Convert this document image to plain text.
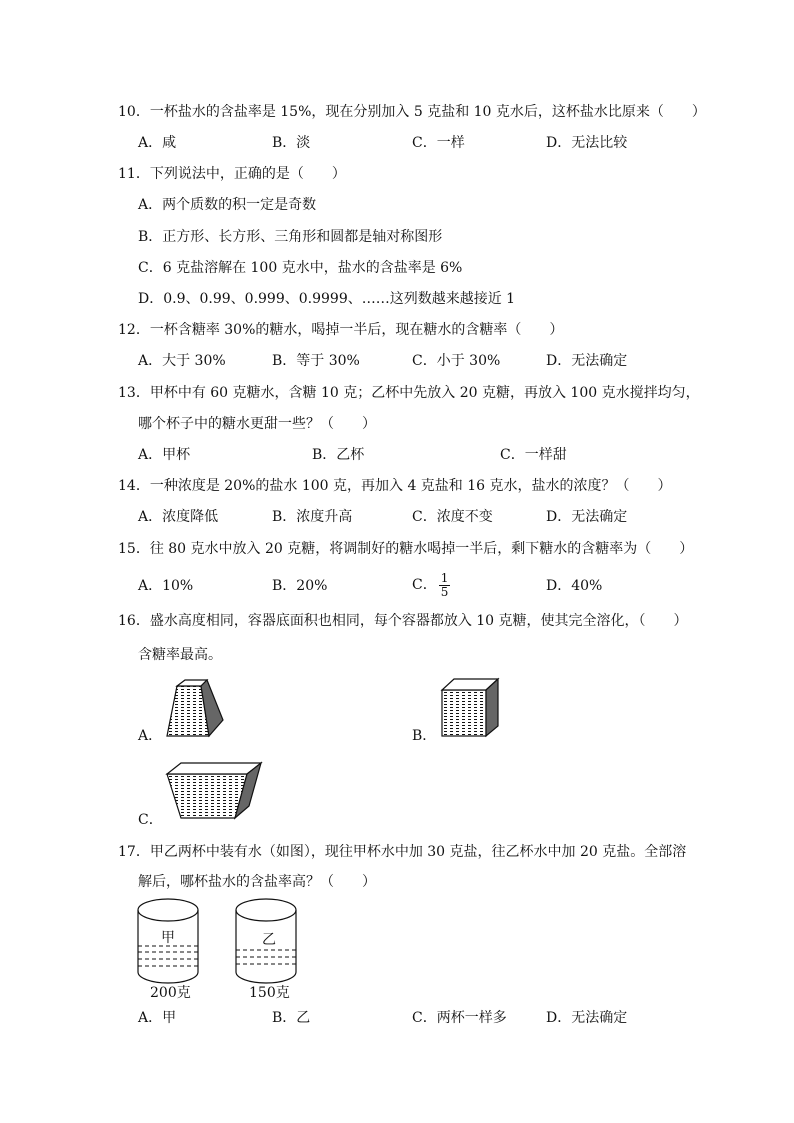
10．一杯盐水的含盐率是 15%，现在分别加入 5 克盐和 10 克水后，这杯盐水比原来（　　）
A．咸	B．淡	C．一样	D．无法比较
11．下列说法中，正确的是（　　）
A．两个质数的积一定是奇数
B．正方形、长方形、三角形和圆都是轴对称图形
C．6 克盐溶解在 100 克水中，盐水的含盐率是 6%
D．0.9、0.99、0.999、0.9999、……这列数越来越接近 1
12．一杯含糖率 30%的糖水，喝掉一半后，现在糖水的含糖率（　　）
A．大于 30%	B．等于 30%	C．小于 30%	D．无法确定
13．甲杯中有 60 克糖水，含糖 10 克；乙杯中先放入 20 克糖，再放入 100 克水搅拌均匀，
哪个杯子中的糖水更甜一些？（　　）
A．甲杯	B．乙杯	C．一样甜
14．一种浓度是 20%的盐水 100 克，再加入 4 克盐和 16 克水，盐水的浓度？（　　）
A．浓度降低	B．浓度升高	C．浓度不变	D．无法确定
15．往 80 克水中放入 20 克糖，将调制好的糖水喝掉一半后，剩下糖水的含糖率为（　　）
A．10%	B．20%	C． $\frac{1}{5}$	D．40%
16．盛水高度相同，容器底面积也相同，每个容器都放入 10 克糖，使其完全溶化，（　　）
含糖率最高。
A．	B．
C．
17．甲乙两杯中装有水（如图），现往甲杯水中加 30 克盐，往乙杯水中加 20 克盐。全部溶
解后，哪杯盐水的含盐率高？（　　）
甲
200克
乙
150克
A．甲	B．乙	C．两杯一样多	D．无法确定
